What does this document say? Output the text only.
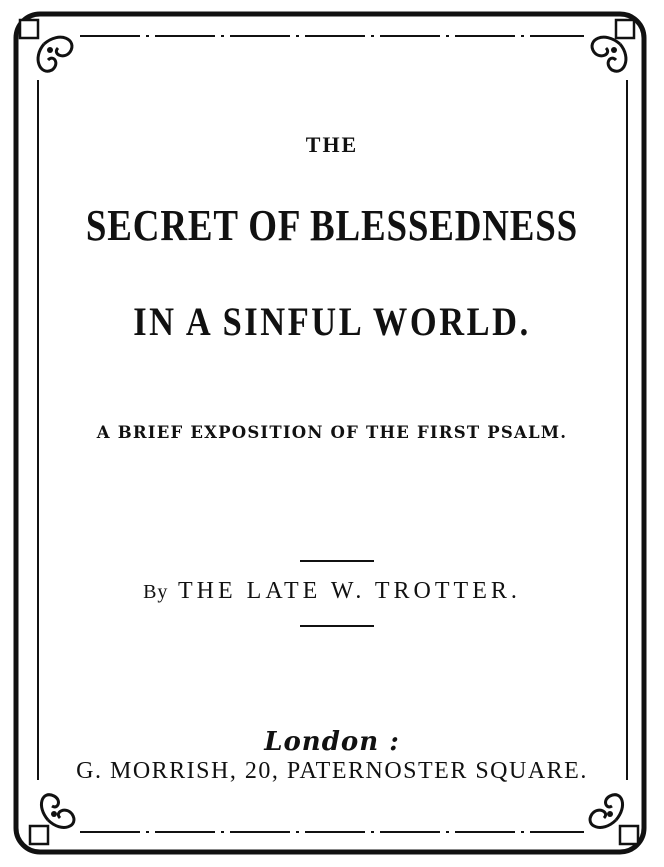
THE
SECRET OF BLESSEDNESS
IN A SINFUL WORLD.
A BRIEF EXPOSITION OF THE FIRST PSALM.
By THE LATE W. TROTTER.
London :
G. MORRISH, 20, PATERNOSTER SQUARE.
